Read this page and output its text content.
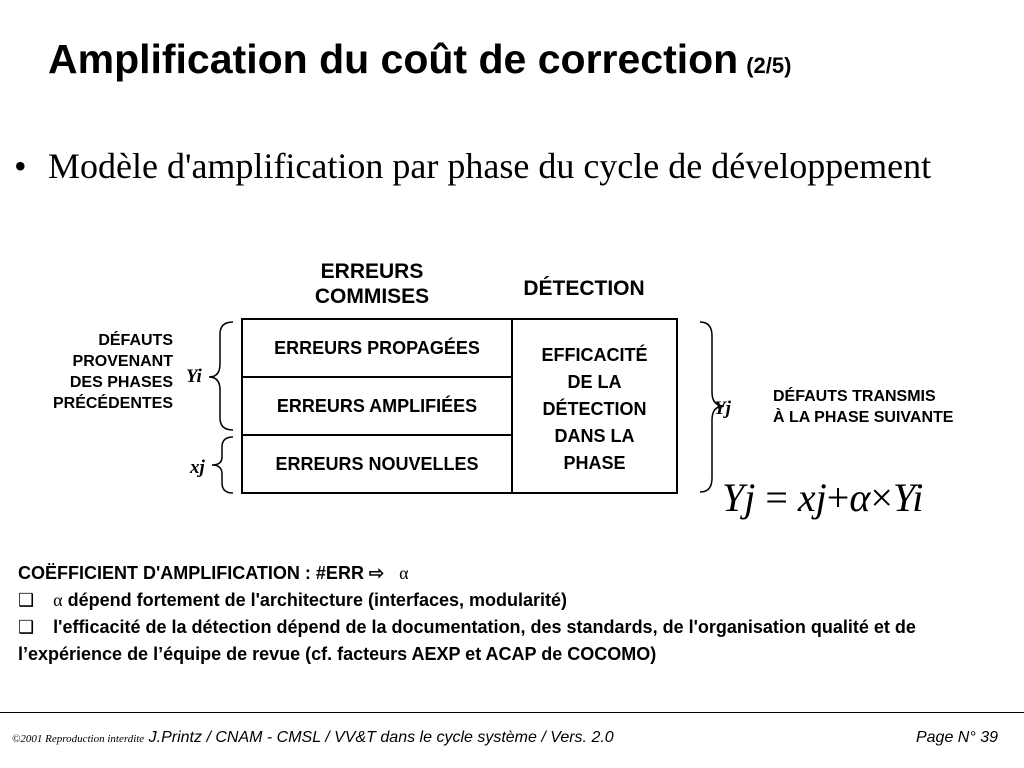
Amplification du coût de correction (2/5)
• Modèle d'amplification par phase du cycle de développement
ERREURS
COMMISES	DÉTECTION
DÉFAUTS
PROVENANT
DES PHASES
PRÉCÉDENTES
Yi
xj
Yj
ERREURS PROPAGÉES
ERREURS AMPLIFIÉES
ERREURS NOUVELLES
EFFICACITÉ
DE LA
DÉTECTION
DANS LA
PHASE
DÉFAUTS TRANSMIS
À LA PHASE SUIVANTE
Yj = xj+α×Yi

COËFFICIENT D'AMPLIFICATION : #ERR ⇨ α

❑ α dépend fortement de l'architecture (interfaces, modularité)

❑ l'efficacité de la détection dépend de la documentation, des standards, de l'organisation qualité et de l’expérience de l’équipe de revue (cf. facteurs AEXP et ACAP de COCOMO)

©2001 Reproduction interdite J.Printz / CNAM - CMSL / VV&T dans le cycle système / Vers. 2.0	Page N° 39
